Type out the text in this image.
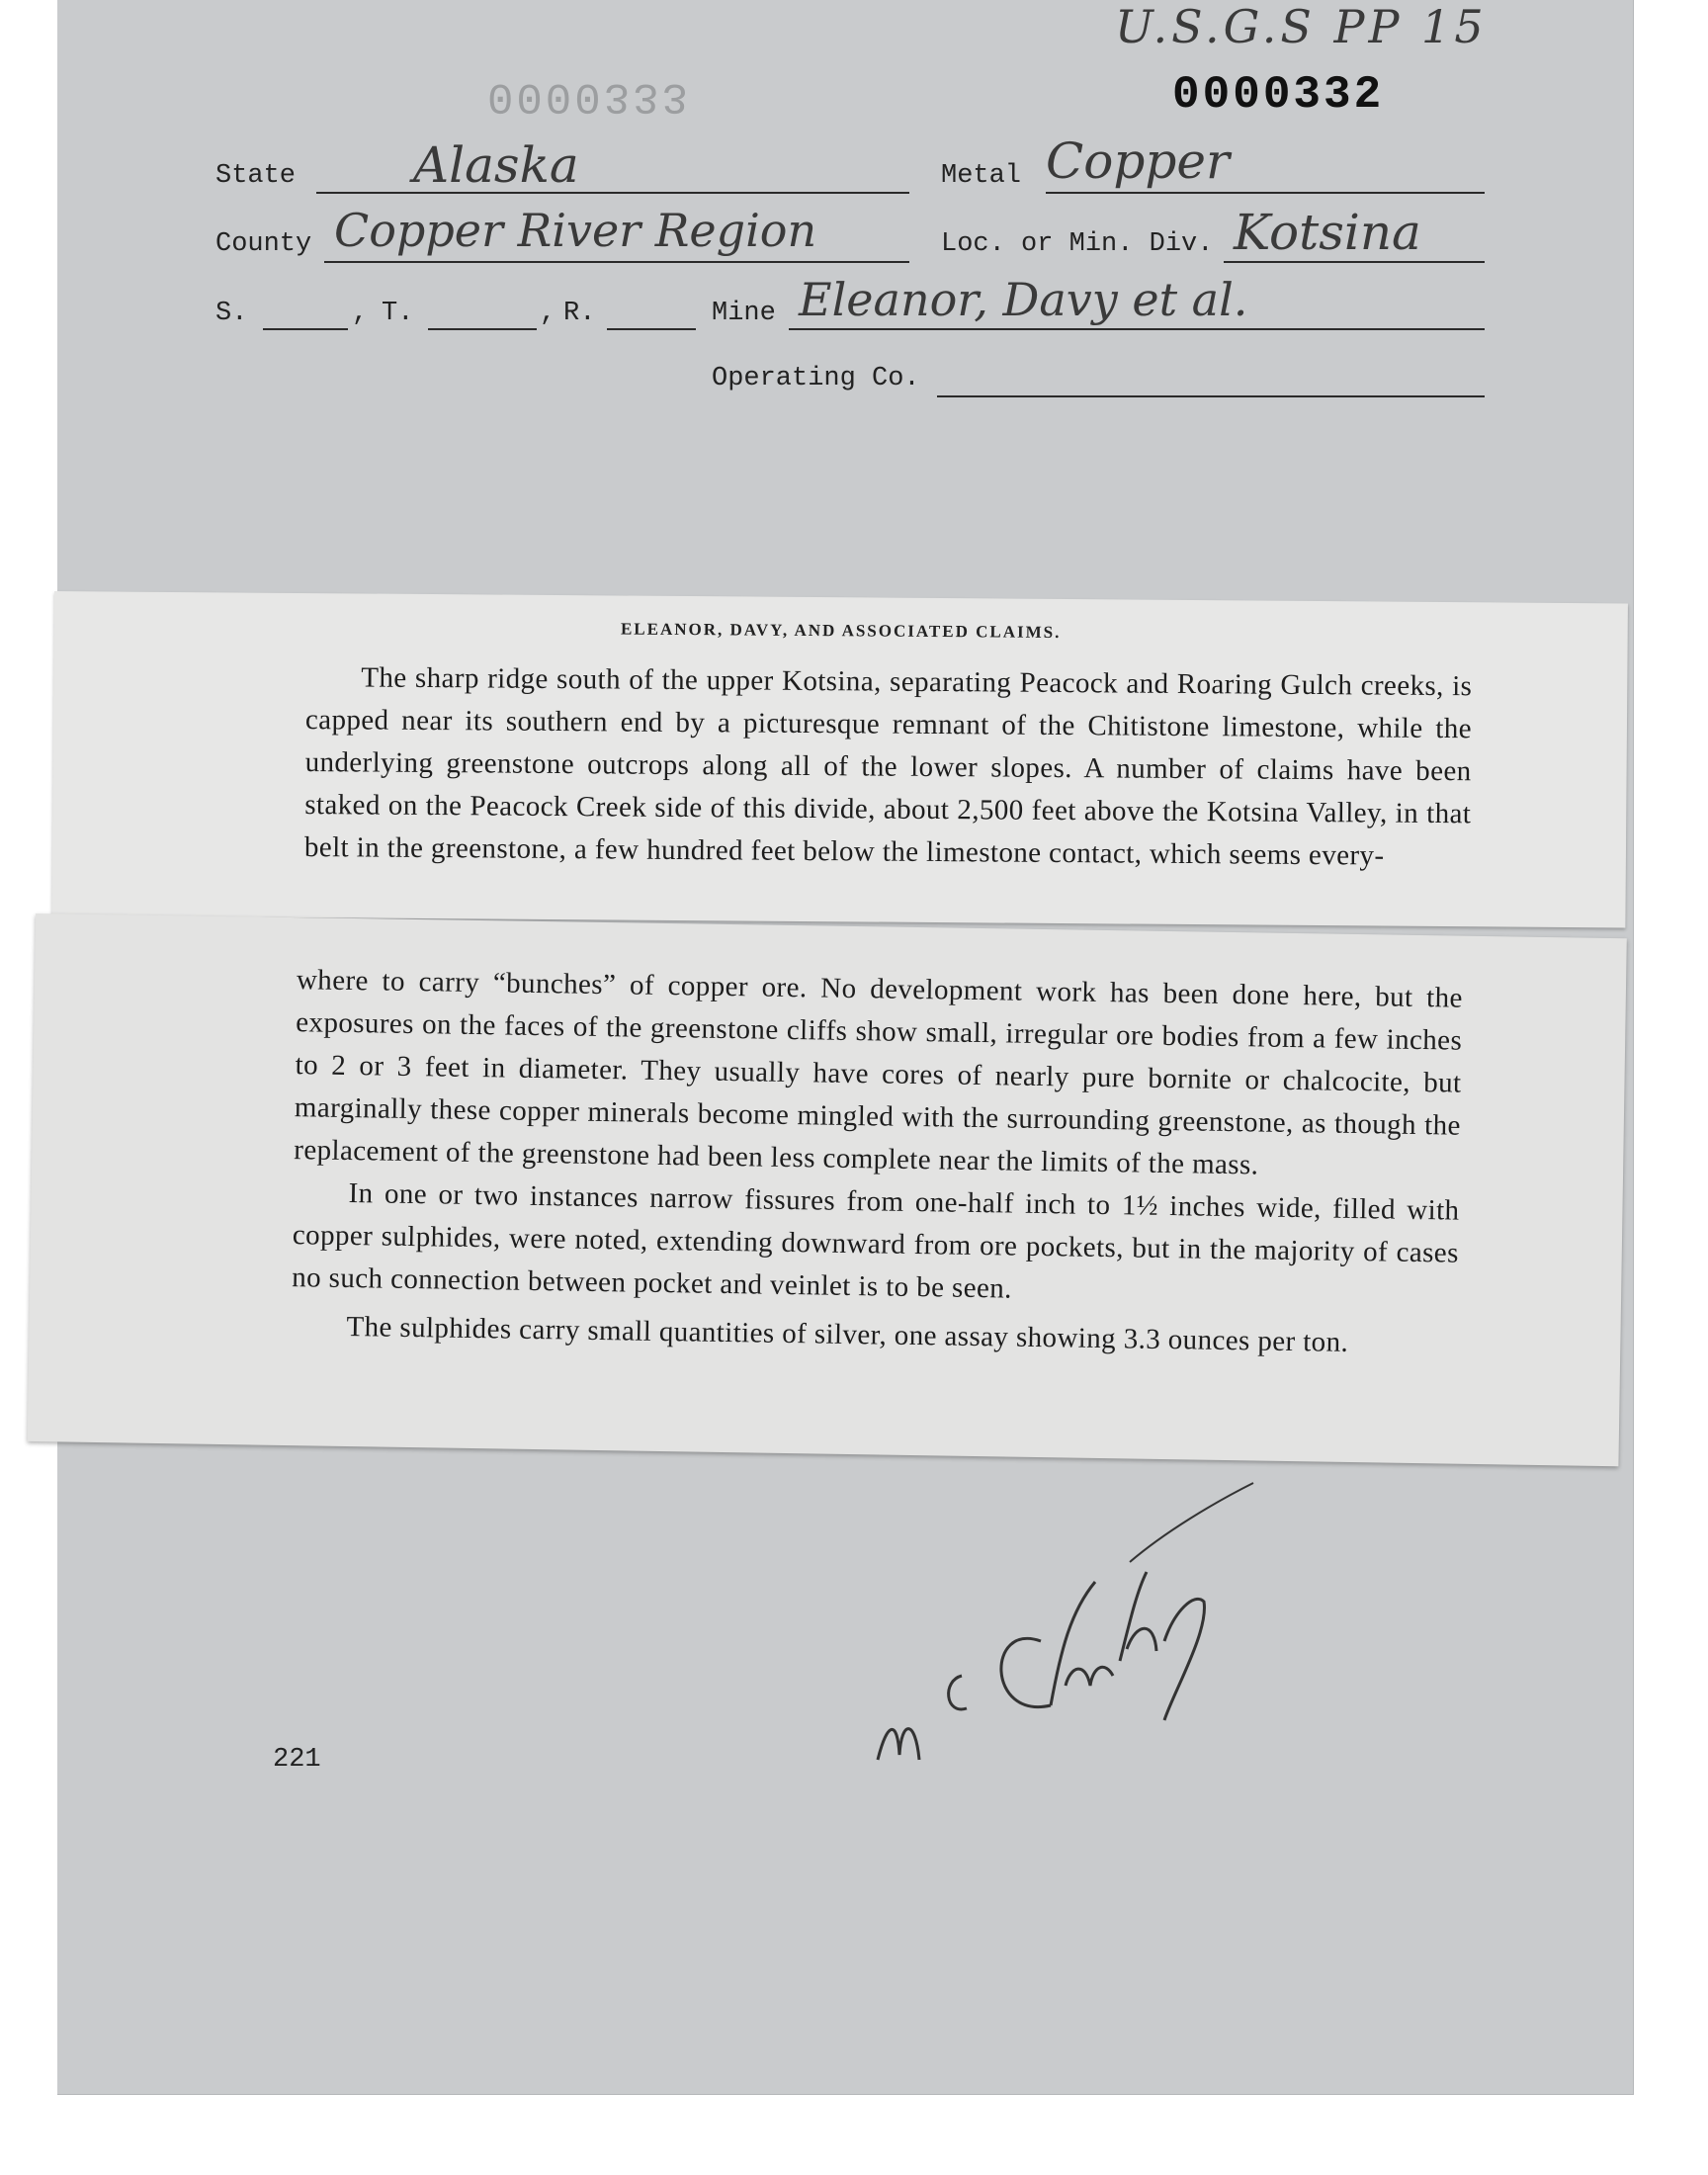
U.S.G.S PP 15
0000333	0000332
State Alaska	Metal Copper
County Copper River Region	Loc. or Min. Div. Kotsina
S.	, T.	, R.	Mine Eleanor, Davy et al.
Operating Co.
221
ELEANOR, DAVY, AND ASSOCIATED CLAIMS.

The sharp ridge south of the upper Kotsina, separating Peacock and Roaring Gulch creeks, is capped near its southern end by a picturesque remnant of the Chitistone limestone, while the underlying greenstone outcrops along all of the lower slopes. A number of claims have been staked on the Peacock Creek side of this divide, about 2,500 feet above the Kotsina Valley, in that belt in the greenstone, a few hundred feet below the limestone contact, which seems every-

where to carry “bunches” of copper ore. No development work has been done here, but the exposures on the faces of the greenstone cliffs show small, irregular ore bodies from a few inches to 2 or 3 feet in diameter. They usually have cores of nearly pure bornite or chalcocite, but marginally these copper minerals become mingled with the surrounding greenstone, as though the replacement of the greenstone had been less complete near the limits of the mass.

In one or two instances narrow fissures from one-half inch to 1½ inches wide, filled with copper sulphides, were noted, extending downward from ore pockets, but in the majority of cases no such connection between pocket and veinlet is to be seen.

The sulphides carry small quantities of silver, one assay showing 3.3 ounces per ton.
